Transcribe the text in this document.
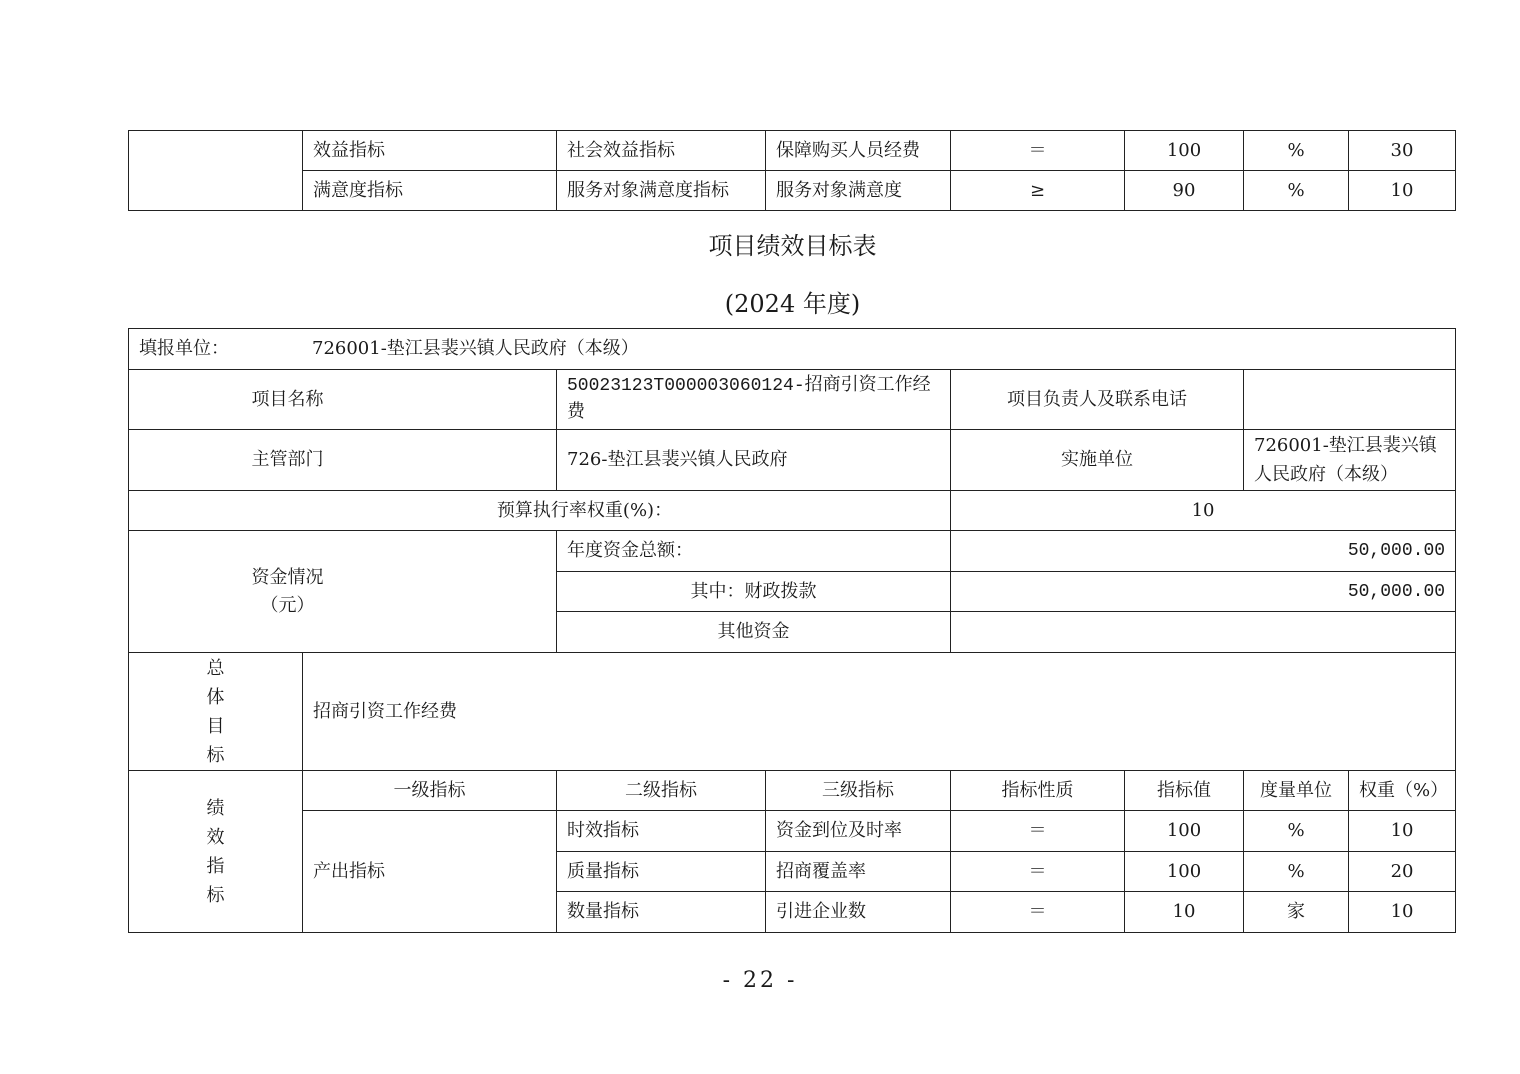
	效益指标	社会效益指标	保障购买人员经费	＝	100	%	30
	满意度指标	服务对象满意度指标	服务对象满意度	≥	90	%	10
项目绩效目标表
(2024 年度)
填报单位： 726001-垫江县裴兴镇人民政府（本级）							
项目名称		50023123T000003060124-招商引资工作经费		项目负责人及联系电话			
主管部门		726-垫江县裴兴镇人民政府		实施单位		726001-垫江县裴兴镇人民政府（本级）	
预算执行率权重(%)：				10			

资金情况
（元）		年度资金总额：		50,000.00			
		其中：财政拨款		50,000.00			
		其他资金					

总
体
目
标	招商引资工作经费						

绩
效
指
标	一级指标	二级指标	三级指标	指标性质	指标值	度量单位	权重（%）
	产出指标	时效指标	资金到位及时率	＝	100	%	10
		质量指标	招商覆盖率	＝	100	%	20
		数量指标	引进企业数	＝	10	家	10
- 22 -
